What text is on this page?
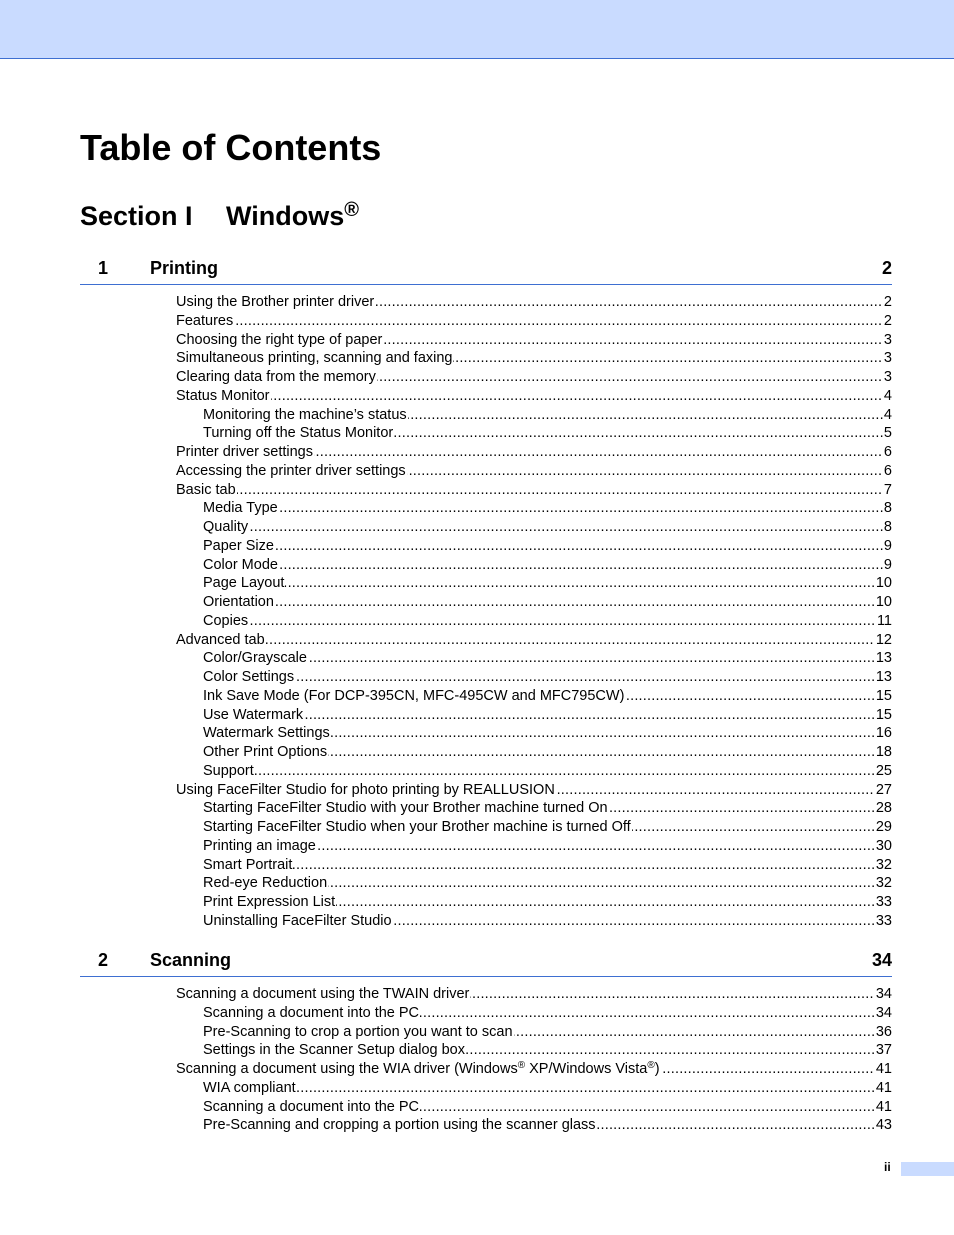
Table of Contents
Section I Windows®
1 Printing	2
Using the Brother printer driver	2
.....
Features	2
.....
Choosing the right type of paper	3
.....
Simultaneous printing, scanning and faxing	3
.....
Clearing data from the memory	3
.....
Status Monitor	4
.....
Monitoring the machine’s status	4
.....
Turning off the Status Monitor	5
.....
Printer driver settings	6
.....
Accessing the printer driver settings	6
.....
Basic tab	7
.....
Media Type	8
.....
Quality	8
.....
Paper Size	9
.....
Color Mode	9
.....
Page Layout	10
.....
Orientation	10
.....
Copies	11
.....
Advanced tab	12
.....
Color/Grayscale	13
.....
Color Settings	13
.....
Ink Save Mode (For DCP-395CN, MFC-495CW and MFC795CW)	15
.....
Use Watermark	15
.....
Watermark Settings	16
.....
Other Print Options	18
.....
Support	25
.....
Using FaceFilter Studio for photo printing by REALLUSION	27
.....
Starting FaceFilter Studio with your Brother machine turned On	28
.....
Starting FaceFilter Studio when your Brother machine is turned Off	29
.....
Printing an image	30
.....
Smart Portrait	32
.....
Red-eye Reduction	32
.....
Print Expression List	33
.....
Uninstalling FaceFilter Studio	33
.....
2 Scanning	34
Scanning a document using the TWAIN driver	34
.....
Scanning a document into the PC	34
.....
Pre-Scanning to crop a portion you want to scan	36
.....
Settings in the Scanner Setup dialog box	37
.....
Scanning a document using the WIA driver (Windows® XP/Windows Vista®)	41
.....
WIA compliant	41
.....
Scanning a document into the PC	41
.....
Pre-Scanning and cropping a portion using the scanner glass	43
.....
ii
